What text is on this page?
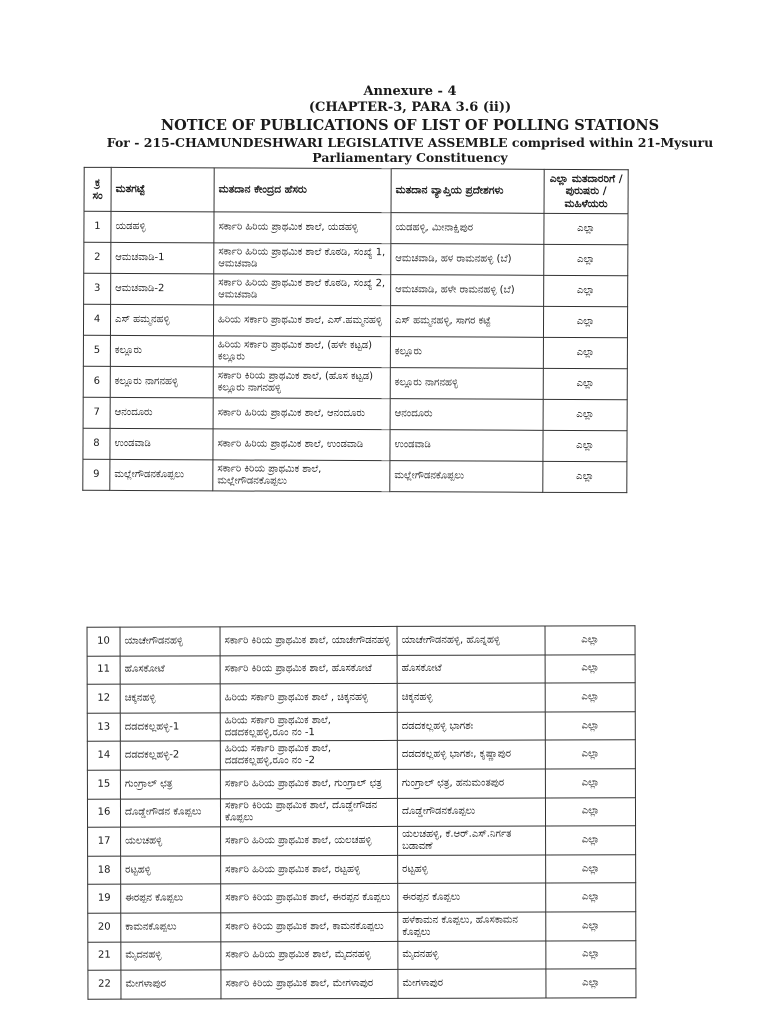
Annexure - 4
(CHAPTER-3, PARA 3.6 (ii))
NOTICE OF PUBLICATIONS OF LIST OF POLLING STATIONS
For - 215-CHAMUNDESHWARI LEGISLATIVE ASSEMBLE comprised within 21-Mysuru
Parliamentary Constituency
ಕ್ರ ಸಂ	ಮತಗಟ್ಟೆ	ಮತದಾನ ಕೇಂದ್ರದ ಹೆಸರು	ಮತದಾನ ವ್ಯಾಪ್ತಿಯ ಪ್ರದೇಶಗಳು	ಎಲ್ಲಾ ಮತದಾರರಿಗೆ / ಪುರುಷರು / ಮಹಿಳೆಯರು
1	ಯಡಹಳ್ಳಿ	ಸರ್ಕಾರಿ ಹಿರಿಯ ಪ್ರಾಥಮಿಕ ಶಾಲೆ, ಯಡಹಳ್ಳಿ	ಯಡಹಳ್ಳಿ, ಮೀನಾಕ್ಷಿಪುರ	ಎಲ್ಲಾ
2	ಆಮಚವಾಡಿ-1	ಸರ್ಕಾರಿ ಹಿರಿಯ ಪ್ರಾಥಮಿಕ ಶಾಲೆ ಕೊಠಡಿ, ಸಂಖ್ಯೆ 1, ಆಮಚವಾಡಿ	ಆಮಚವಾಡಿ, ಹಳ ರಾಮನಹಳ್ಳಿ (ಬೆ)	ಎಲ್ಲಾ
3	ಆಮಚವಾಡಿ-2	ಸರ್ಕಾರಿ ಹಿರಿಯ ಪ್ರಾಥಮಿಕ ಶಾಲೆ ಕೊಠಡಿ, ಸಂಖ್ಯೆ 2, ಆಮಚವಾಡಿ	ಆಮಚವಾಡಿ, ಹಳೇ ರಾಮನಹಳ್ಳಿ (ಬೆ)	ಎಲ್ಲಾ
4	ಎಸ್ ಹಮ್ಮನಹಳ್ಳಿ	ಹಿರಿಯ ಸರ್ಕಾರಿ ಪ್ರಾಥಮಿಕ ಶಾಲೆ, ಎಸ್.ಹಮ್ಮನಹಳ್ಳಿ	ಎಸ್ ಹಮ್ಮನಹಳ್ಳಿ, ಸಾಗರ ಕಟ್ಟೆ	ಎಲ್ಲಾ
5	ಕಲ್ಲೂರು	ಹಿರಿಯ ಸರ್ಕಾರಿ ಪ್ರಾಥಮಿಕ ಶಾಲೆ, (ಹಳೇ ಕಟ್ಟಡ) ಕಲ್ಲೂರು	ಕಲ್ಲೂರು	ಎಲ್ಲಾ
6	ಕಲ್ಲೂರು ನಾಗನಹಳ್ಳಿ	ಸರ್ಕಾರಿ ಕಿರಿಯ ಪ್ರಾಥಮಿಕ ಶಾಲೆ, (ಹೊಸ ಕಟ್ಟಡ) ಕಲ್ಲೂರು ನಾಗನಹಳ್ಳಿ	ಕಲ್ಲೂರು ನಾಗನಹಳ್ಳಿ	ಎಲ್ಲಾ
7	ಆನಂದೂರು	ಸರ್ಕಾರಿ ಹಿರಿಯ ಪ್ರಾಥಮಿಕ ಶಾಲೆ, ಆನಂದೂರು	ಆನಂದೂರು	ಎಲ್ಲಾ
8	ಉಂಡವಾಡಿ	ಸರ್ಕಾರಿ ಹಿರಿಯ ಪ್ರಾಥಮಿಕ ಶಾಲೆ, ಉಂಡವಾಡಿ	ಉಂಡವಾಡಿ	ಎಲ್ಲಾ
9	ಮಲ್ಲೇಗೌಡನಕೊಪ್ಪಲು	ಸರ್ಕಾರಿ ಕಿರಿಯ ಪ್ರಾಥಮಿಕ ಶಾಲೆ, ಮಲ್ಲೇಗೌಡನಕೊಪ್ಪಲು	ಮಲ್ಲೇಗೌಡನಕೊಪ್ಪಲು	ಎಲ್ಲಾ
10	ಯಾಚೇಗೌಡನಹಳ್ಳಿ	ಸರ್ಕಾರಿ ಕಿರಿಯ ಪ್ರಾಥಮಿಕ ಶಾಲೆ, ಯಾಚೇಗೌಡನಹಳ್ಳಿ	ಯಾಚೇಗೌಡನಹಳ್ಳಿ, ಹೊನ್ನಹಳ್ಳಿ	ಎಲ್ಲಾ
11	ಹೊಸಕೋಟೆ	ಸರ್ಕಾರಿ ಕಿರಿಯ ಪ್ರಾಥಮಿಕ ಶಾಲೆ, ಹೊಸಕೋಟೆ	ಹೊಸಕೋಟೆ	ಎಲ್ಲಾ
12	ಚಿಕ್ಕನಹಳ್ಳಿ	ಹಿರಿಯ ಸರ್ಕಾರಿ ಪ್ರಾಥಮಿಕ ಶಾಲೆ , ಚಿಕ್ಕನಹಳ್ಳಿ	ಚಿಕ್ಕನಹಳ್ಳಿ	ಎಲ್ಲಾ
13	ದಡದಕಲ್ಲಹಳ್ಳಿ-1	ಹಿರಿಯ ಸರ್ಕಾರಿ ಪ್ರಾಥಮಿಕ ಶಾಲೆ, ದಡದಕಲ್ಲಹಳ್ಳಿ,ರೂಂ ನಂ -1	ದಡದಕಲ್ಲಹಳ್ಳಿ ಭಾಗಶಃ	ಎಲ್ಲಾ
14	ದಡದಕಲ್ಲಹಳ್ಳಿ-2	ಹಿರಿಯ ಸರ್ಕಾರಿ ಪ್ರಾಥಮಿಕ ಶಾಲೆ, ದಡದಕಲ್ಲಹಳ್ಳಿ,ರೂಂ ನಂ -2	ದಡದಕಲ್ಲಹಳ್ಳಿ ಭಾಗಶಃ, ಕೃಷ್ಣಾಪುರ	ಎಲ್ಲಾ
15	ಗುಂಗ್ರಾಲ್ ಛತ್ರ	ಸರ್ಕಾರಿ ಹಿರಿಯ ಪ್ರಾಥಮಿಕ ಶಾಲೆ, ಗುಂಗ್ರಾಲ್ ಛತ್ರ	ಗುಂಗ್ರಾಲ್ ಛತ್ರ, ಹನುಮಂತಪುರ	ಎಲ್ಲಾ
16	ದೊಡ್ಡೇಗೌಡನ ಕೊಪ್ಪಲು	ಸರ್ಕಾರಿ ಕಿರಿಯ ಪ್ರಾಥಮಿಕ ಶಾಲೆ, ದೊಡ್ಡೇಗೌಡನ ಕೊಪ್ಪಲು	ದೊಡ್ಡೇಗೌಡನಕೊಪ್ಪಲು	ಎಲ್ಲಾ
17	ಯಲಚಹಳ್ಳಿ	ಸರ್ಕಾರಿ ಹಿರಿಯ ಪ್ರಾಥಮಿಕ ಶಾಲೆ, ಯಲಚಹಳ್ಳಿ	ಯಲಚಹಳ್ಳಿ, ಕೆ.ಆರ್.ಎಸ್.ನಿರ್ಗತ ಬಡಾವಣೆ	ಎಲ್ಲಾ
18	ರಟ್ಟಹಳ್ಳಿ	ಸರ್ಕಾರಿ ಹಿರಿಯ ಪ್ರಾಥಮಿಕ ಶಾಲೆ, ರಟ್ಟಹಳ್ಳಿ	ರಟ್ಟಹಳ್ಳಿ	ಎಲ್ಲಾ
19	ಈರಪ್ಪನ ಕೊಪ್ಪಲು	ಸರ್ಕಾರಿ ಕಿರಿಯ ಪ್ರಾಥಮಿಕ ಶಾಲೆ, ಈರಪ್ಪನ ಕೊಪ್ಪಲು	ಈರಪ್ಪನ ಕೊಪ್ಪಲು	ಎಲ್ಲಾ
20	ಕಾಮನಕೊಪ್ಪಲು	ಸರ್ಕಾರಿ ಕಿರಿಯ ಪ್ರಾಥಮಿಕ ಶಾಲೆ, ಕಾಮನಕೊಪ್ಪಲು	ಹಳೆಕಾಮನ ಕೊಪ್ಪಲು, ಹೊಸಕಾಮನ ಕೊಪ್ಪಲು	ಎಲ್ಲಾ
21	ಮೈದನಹಳ್ಳಿ	ಸರ್ಕಾರಿ ಹಿರಿಯ ಪ್ರಾಥಮಿಕ ಶಾಲೆ, ಮೈದನಹಳ್ಳಿ	ಮೈದನಹಳ್ಳಿ	ಎಲ್ಲಾ
22	ಮೇಗಳಾಪುರ	ಸರ್ಕಾರಿ ಕಿರಿಯ ಪ್ರಾಥಮಿಕ ಶಾಲೆ, ಮೇಗಳಾಪುರ	ಮೇಗಳಾಪುರ	ಎಲ್ಲಾ
